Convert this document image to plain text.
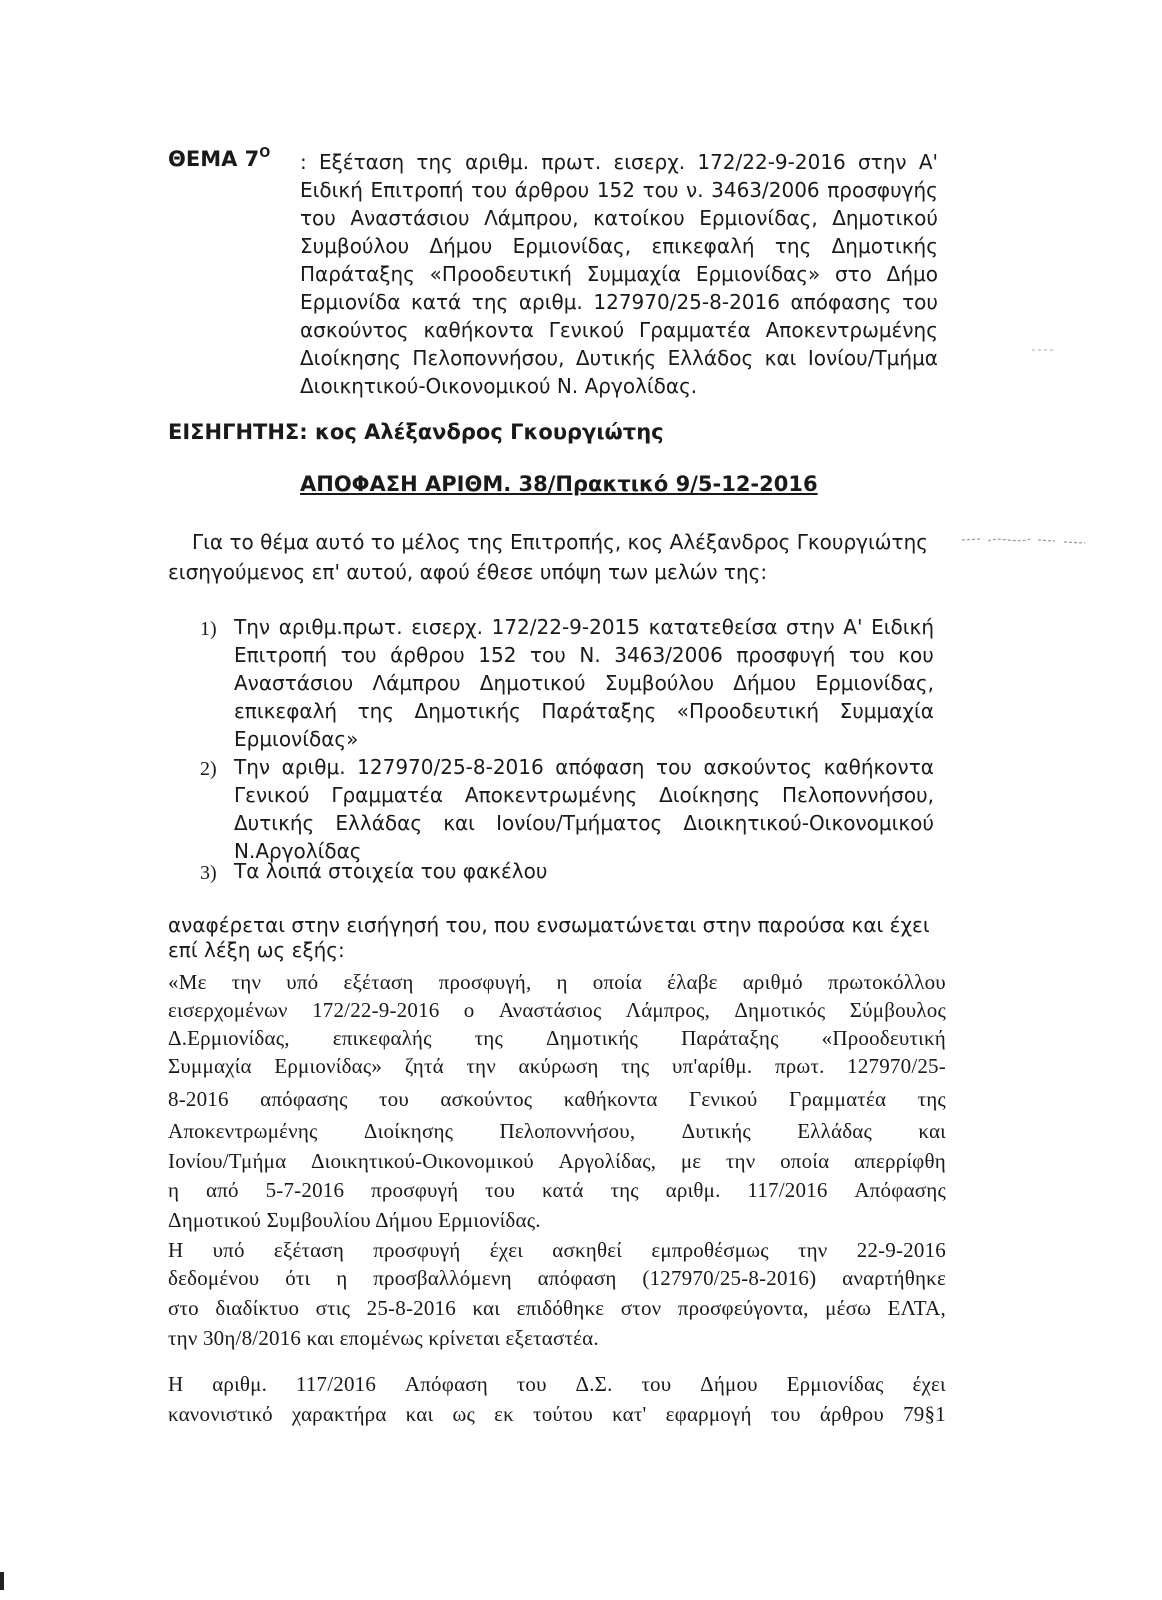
ΘΕΜΑ $7^O$ : Εξέταση της αριθμ. πρωτ. εισερχ. 172/22-9-2016 στην Α'
Ειδική Επιτροπή του άρθρου 152 του ν. 3463/2006 προσφυγής
του Αναστάσιου Λάμπρου, κατοίκου Ερμιονίδας, Δημοτικού
Συμβούλου Δήμου Ερμιονίδας, επικεφαλή της Δημοτικής
Παράταξης «Προοδευτική Συμμαχία Ερμιονίδας» στο Δήμο
Ερμιονίδα κατά της αριθμ. 127970/25-8-2016 απόφασης του
ασκούντος καθήκοντα Γενικού Γραμματέα Αποκεντρωμένης
Διοίκησης Πελοποννήσου, Δυτικής Ελλάδος και Ιονίου/Τμήμα
Διοικητικού-Οικονομικού Ν. Αργολίδας.
ΕΙΣΗΓΗΤΗΣ: κος Αλέξανδρος Γκουργιώτης
ΑΠΟΦΑΣΗ ΑΡΙΘΜ. 38/Πρακτικό 9/5-12-2016
Για το θέμα αυτό το μέλος της Επιτροπής, κος Αλέξανδρος Γκουργιώτης
εισηγούμενος επ' αυτού, αφού έθεσε υπόψη των μελών της:
1) Την αριθμ.πρωτ. εισερχ. 172/22-9-2015 κατατεθείσα στην Α' Ειδική
Επιτροπή του άρθρου 152 του Ν. 3463/2006 προσφυγή του κου
Αναστάσιου Λάμπρου Δημοτικού Συμβούλου Δήμου Ερμιονίδας,
επικεφαλή της Δημοτικής Παράταξης «Προοδευτική Συμμαχία
Ερμιονίδας»
2) Την αριθμ. 127970/25-8-2016 απόφαση του ασκούντος καθήκοντα
Γενικού Γραμματέα Αποκεντρωμένης Διοίκησης Πελοποννήσου,
Δυτικής Ελλάδας και Ιονίου/Τμήματος Διοικητικού-Οικονομικού
Ν.Αργολίδας
3) Τα λοιπά στοιχεία του φακέλου
αναφέρεται στην εισήγησή του, που ενσωματώνεται στην παρούσα και έχει
επί λέξη ως εξής:
«Με την υπό εξέταση προσφυγή, η οποία έλαβε αριθμό πρωτοκόλλου
εισερχομένων 172/22-9-2016 ο Αναστάσιος Λάμπρος, Δημοτικός Σύμβουλος
Δ.Ερμιονίδας, επικεφαλής της Δημοτικής Παράταξης «Προοδευτική
Συμμαχία Ερμιονίδας» ζητά την ακύρωση της υπ'αρίθμ. πρωτ. 127970/25-
8-2016 απόφασης του ασκούντος καθήκοντα Γενικού Γραμματέα της
Αποκεντρωμένης Διοίκησης Πελοποννήσου, Δυτικής Ελλάδας και
Ιονίου/Τμήμα Διοικητικού-Οικονομικού Αργολίδας, με την οποία απερρίφθη
η από 5-7-2016 προσφυγή του κατά της αριθμ. 117/2016 Απόφασης
Δημοτικού Συμβουλίου Δήμου Ερμιονίδας.
Η υπό εξέταση προσφυγή έχει ασκηθεί εμπροθέσμως την 22-9-2016
δεδομένου ότι η προσβαλλόμενη απόφαση (127970/25-8-2016) αναρτήθηκε
στο διαδίκτυο στις 25-8-2016 και επιδόθηκε στον προσφεύγοντα, μέσω ΕΛΤΑ,
την 30η/8/2016 και επομένως κρίνεται εξεταστέα.
Η αριθμ. 117/2016 Απόφαση του Δ.Σ. του Δήμου Ερμιονίδας έχει
κανονιστικό χαρακτήρα και ως εκ τούτου κατ' εφαρμογή του άρθρου 79§1
